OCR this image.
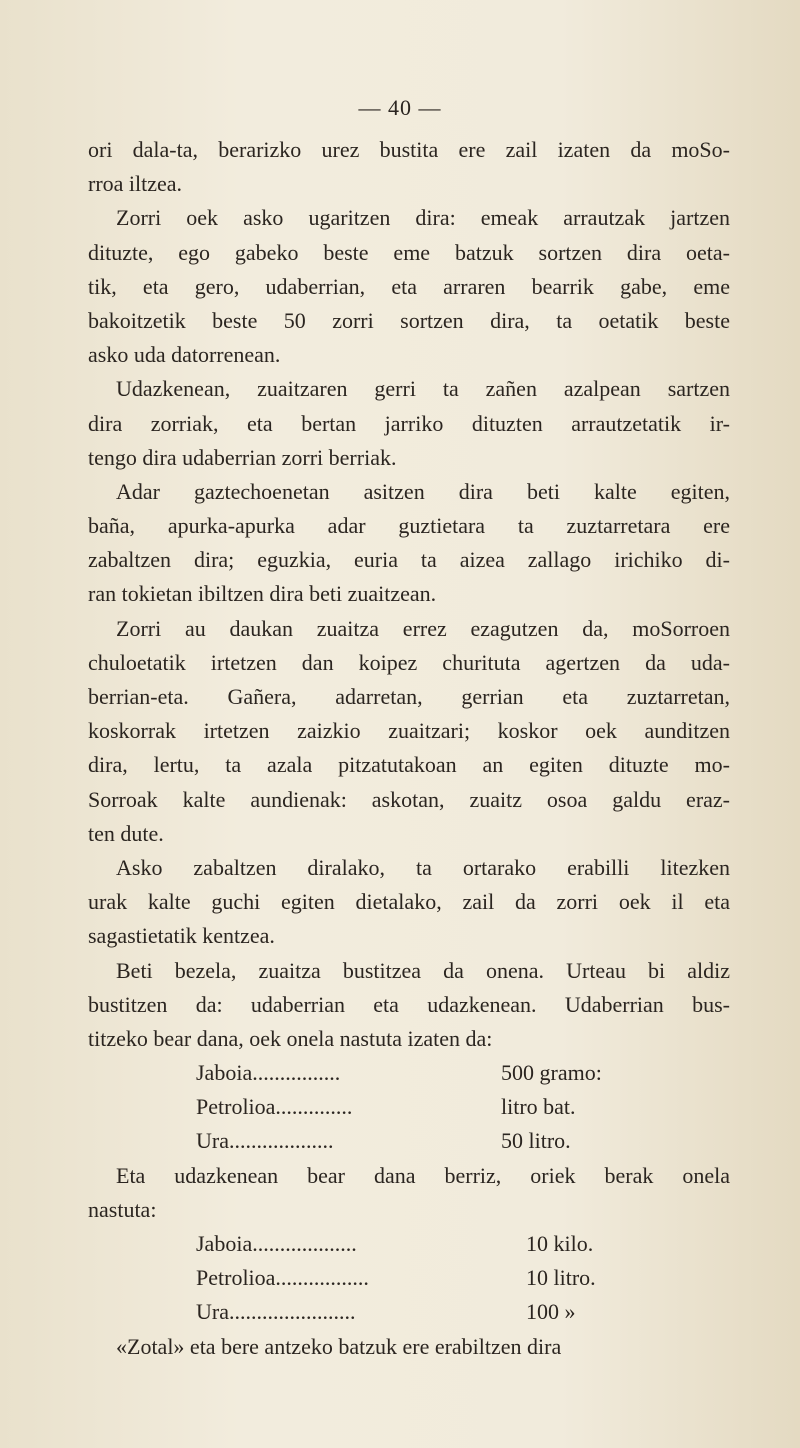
— 40 —
ori dala-ta, berarizko urez bustita ere zail izaten da moSo-
rroa iltzea.
Zorri oek asko ugaritzen dira: emeak arrautzak jartzen
dituzte, ego gabeko beste eme batzuk sortzen dira oeta-
tik, eta gero, udaberrian, eta arraren bearrik gabe, eme
bakoitzetik beste 50 zorri sortzen dira, ta oetatik beste
asko uda datorrenean.
Udazkenean, zuaitzaren gerri ta zañen azalpean sartzen
dira zorriak, eta bertan jarriko dituzten arrautzetatik ir-
tengo dira udaberrian zorri berriak.
Adar gaztechoenetan asitzen dira beti kalte egiten,
baña, apurka-apurka adar guztietara ta zuztarretara ere
zabaltzen dira; eguzkia, euria ta aizea zallago irichiko di-
ran tokietan ibiltzen dira beti zuaitzean.
Zorri au daukan zuaitza errez ezagutzen da, moSorroen
chuloetatik irtetzen dan koipez churituta agertzen da uda-
berrian-eta. Gañera, adarretan, gerrian eta zuztarretan,
koskorrak irtetzen zaizkio zuaitzari; koskor oek aunditzen
dira, lertu, ta azala pitzatutakoan an egiten dituzte mo-
Sorroak kalte aundienak: askotan, zuaitz osoa galdu eraz-
ten dute.
Asko zabaltzen diralako, ta ortarako erabilli litezken
urak kalte guchi egiten dietalako, zail da zorri oek il eta
sagastietatik kentzea.
Beti bezela, zuaitza bustitzea da onena. Urteau bi aldiz
bustitzen da: udaberrian eta udazkenean. Udaberrian bus-
titzeko bear dana, oek onela nastuta izaten da:
Jaboia................	500 gramo:
Petrolioa..............	litro bat.
Ura...................	50 litro.
Eta udazkenean bear dana berriz, oriek berak onela
nastuta:
Jaboia...................	10 kilo.
Petrolioa.................	10 litro.
Ura.......................	100 »
«Zotal» eta bere antzeko batzuk ere erabiltzen dira
